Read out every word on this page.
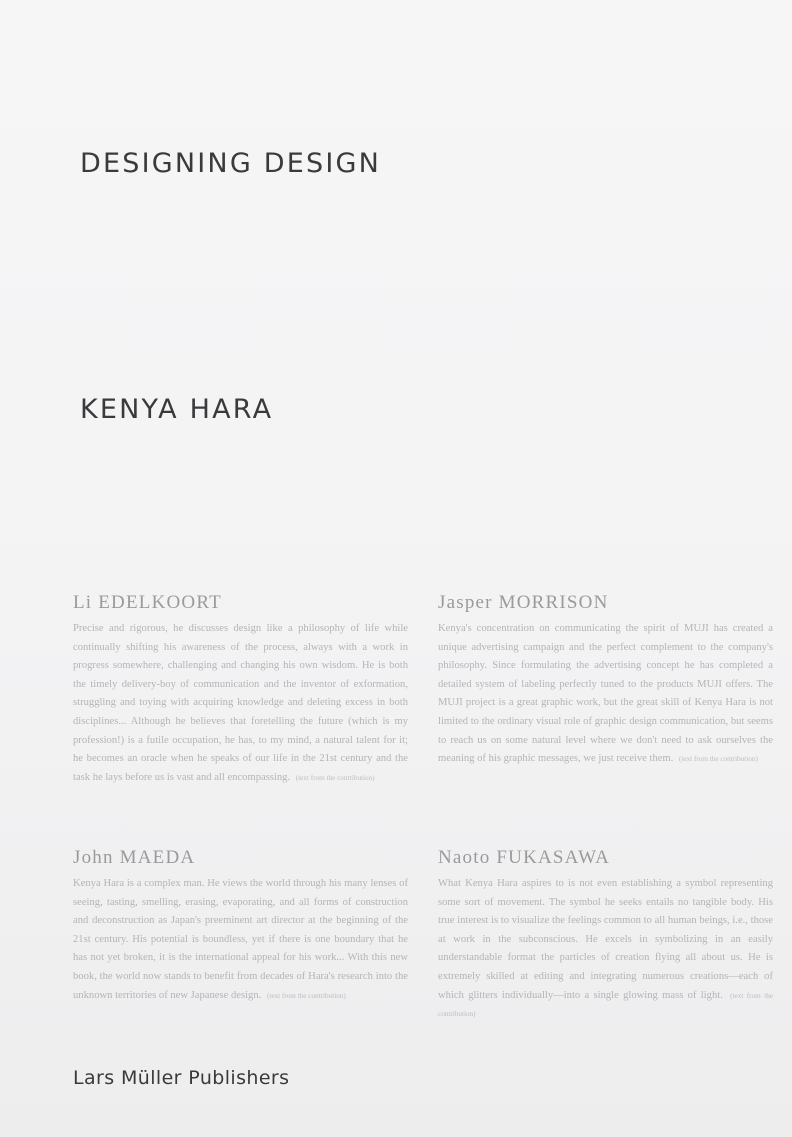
DESIGNING DESIGN
KENYA HARA
Li EDELKOORT

Precise and rigorous, he discusses design like a philosophy of life while continually shifting his awareness of the process, always with a work in progress somewhere, challenging and changing his own wisdom. He is both the timely delivery-boy of communication and the inventor of exformation, struggling and toying with acquiring knowledge and deleting excess in both disciplines... Although he believes that foretelling the future (which is my profession!) is a futile occupation, he has, to my mind, a natural talent for it; he becomes an oracle when he speaks of our life in the 21st century and the task he lays before us is vast and all encompassing. (text from the contribution)

Jasper MORRISON

Kenya's concentration on communicating the spirit of MUJI has created a unique advertising campaign and the perfect complement to the company's philosophy. Since formulating the advertising concept he has completed a detailed system of labeling perfectly tuned to the products MUJI offers. The MUJI project is a great graphic work, but the great skill of Kenya Hara is not limited to the ordinary visual role of graphic design communication, but seems to reach us on some natural level where we don't need to ask ourselves the meaning of his graphic messages, we just receive them. (text from the contribution)

John MAEDA

Kenya Hara is a complex man. He views the world through his many lenses of seeing, tasting, smelling, erasing, evaporating, and all forms of construction and deconstruction as Japan's preeminent art director at the beginning of the 21st century. His potential is boundless, yet if there is one boundary that he has not yet broken, it is the international appeal for his work... With this new book, the world now stands to benefit from decades of Hara's research into the unknown territories of new Japanese design. (text from the contribution)

Naoto FUKASAWA

What Kenya Hara aspires to is not even establishing a symbol representing some sort of movement. The symbol he seeks entails no tangible body. His true interest is to visualize the feelings common to all human beings, i.e., those at work in the subconscious. He excels in symbolizing in an easily understandable format the particles of creation flying all about us. He is extremely skilled at editing and integrating numerous creations—each of which glitters individually—into a single glowing mass of light. (text from the contribution)

Lars Müller Publishers
